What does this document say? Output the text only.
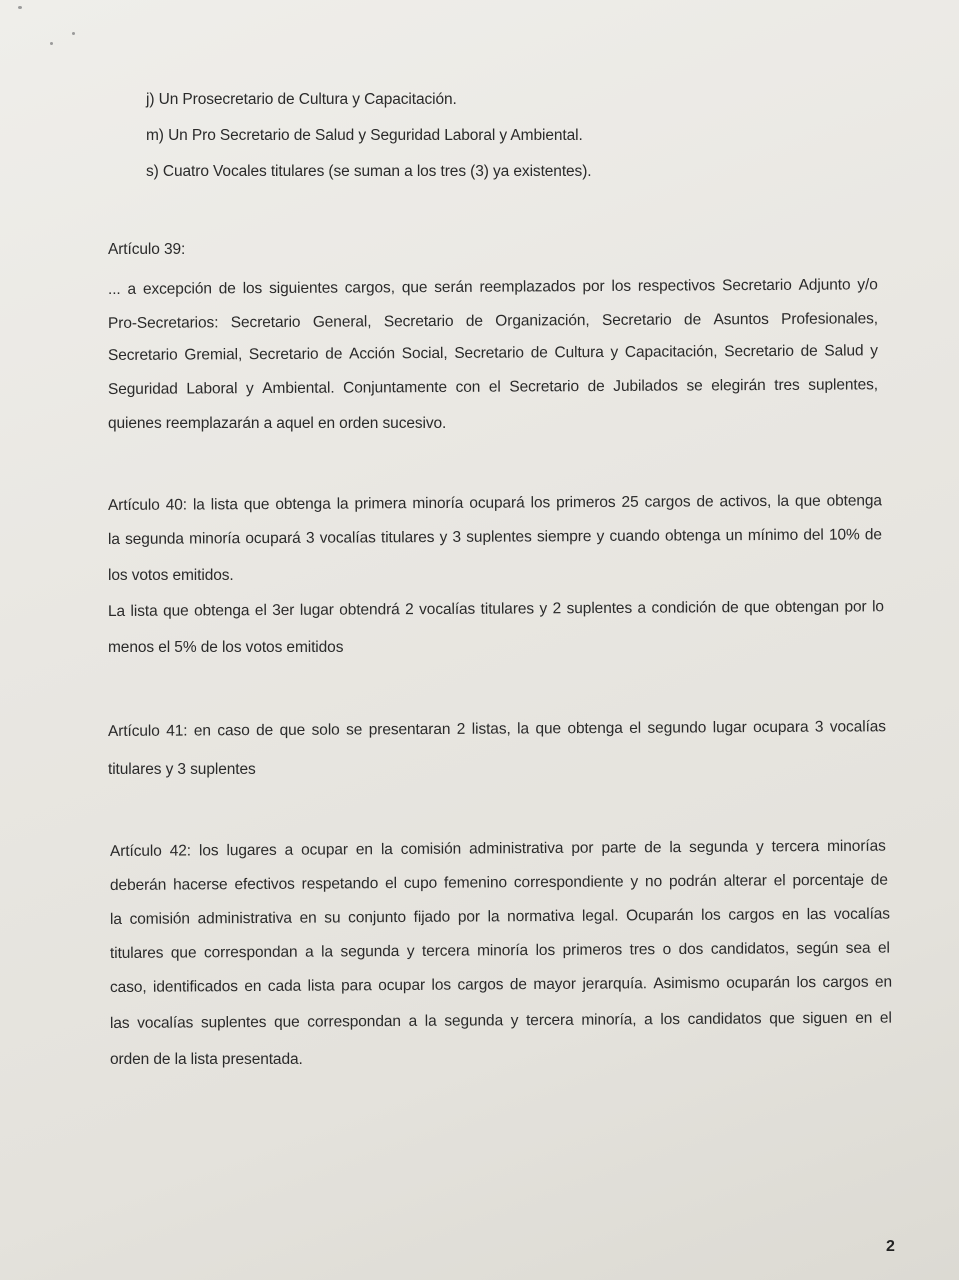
j) Un Prosecretario de Cultura y Capacitación.
m) Un Pro Secretario de Salud y Seguridad Laboral y Ambiental.
s) Cuatro Vocales titulares (se suman a los tres (3) ya existentes).
Artículo 39:
... a excepción de los siguientes cargos, que serán reemplazados por los respectivos Secretario Adjunto y/o
Pro-Secretarios: Secretario General, Secretario de Organización, Secretario de Asuntos Profesionales,
Secretario Gremial, Secretario de Acción Social, Secretario de Cultura y Capacitación, Secretario de Salud y
Seguridad Laboral y Ambiental. Conjuntamente con el Secretario de Jubilados se elegirán tres suplentes,
quienes reemplazarán a aquel en orden sucesivo.
Artículo 40: la lista que obtenga la primera minoría ocupará los primeros 25 cargos de activos, la que obtenga
la segunda minoría ocupará 3 vocalías titulares y 3 suplentes siempre y cuando obtenga un mínimo del 10% de
los votos emitidos.
La lista que obtenga el 3er lugar obtendrá 2 vocalías titulares y 2 suplentes a condición de que obtengan por lo
menos el 5% de los votos emitidos
Artículo 41: en caso de que solo se presentaran 2 listas, la que obtenga el segundo lugar ocupara 3 vocalías
titulares y 3 suplentes
Artículo 42: los lugares a ocupar en la comisión administrativa por parte de la segunda y tercera minorías
deberán hacerse efectivos respetando el cupo femenino correspondiente y no podrán alterar el porcentaje de
la comisión administrativa en su conjunto fijado por la normativa legal. Ocuparán los cargos en las vocalías
titulares que correspondan a la segunda y tercera minoría los primeros tres o dos candidatos, según sea el
caso, identificados en cada lista para ocupar los cargos de mayor jerarquía. Asimismo ocuparán los cargos en
las vocalías suplentes que correspondan a la segunda y tercera minoría, a los candidatos que siguen en el
orden de la lista presentada.
2
